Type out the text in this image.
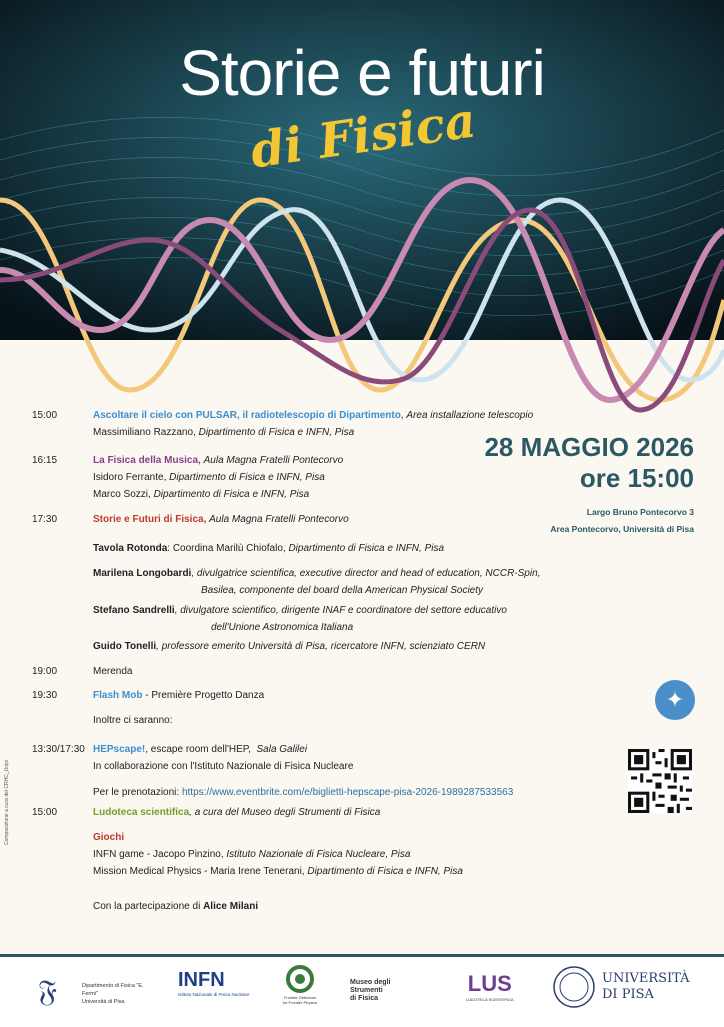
Storie e futuri
di Fisica
28 MAGGIO 2026
ore 15:00
Largo Bruno Pontecorvo 3
Area Pontecorvo, Università di Pisa
15:00	Ascoltare il cielo con PULSAR, il radiotelescopio di Dipartimento, Area installazione telescopio
Massimiliano Razzano, Dipartimento di Fisica e INFN, Pisa
16:15	La Fisica della Musica, Aula Magna Fratelli Pontecorvo
Isidoro Ferrante, Dipartimento di Fisica e INFN, Pisa
Marco Sozzi, Dipartimento di Fisica e INFN, Pisa
17:30	Storie e Futuri di Fisica, Aula Magna Fratelli Pontecorvo
Tavola Rotonda: Coordina Marilù Chiofalo, Dipartimento di Fisica e INFN, Pisa
Marilena Longobardi, divulgatrice scientifica, executive director and head of education, NCCR-Spin,
Basilea, componente del board della American Physical Society
Stefano Sandrelli, divulgatore scientifico, dirigente INAF e coordinatore del settore educativo
dell'Unione Astronomica Italiana
Guido Tonelli, professore emerito Università di Pisa, ricercatore INFN, scienziato CERN
19:00	Merenda
19:30	Flash Mob - Première Progetto Danza
Inoltre ci saranno:
13:30/17:30 HEPscape!, escape room dell'HEP, Sala Galilei
In collaborazione con l'Istituto Nazionale di Fisica Nucleare
Per le prenotazioni: https://www.eventbrite.com/e/biglietti-hepscape-pisa-2026-1989287533563
15:00	Ludoteca scientifica, a cura del Museo degli Strumenti di Fisica
Giochi
INFN game - Jacopo Pinzino, Istituto Nazionale di Fisica Nucleare, Pisa
Mission Medical Physics - Maria Irene Tenerani, Dipartimento di Fisica e INFN, Pisa
Con la partecipazione di Alice Milani
✦
Composizione a cura del CRHC_Unipi
𝔉	Dipartimento di Fisica "E. Fermi"
Università di Pisa
INFN
Istituto Nazionale di Fisica Nucleare
Frontier Detectors for Frontier Physics
Museo degli
Strumenti
di Fisica
LUS
LUDOTECA SCIENTIFICA
UNIVERSITÀ
DI PISA
